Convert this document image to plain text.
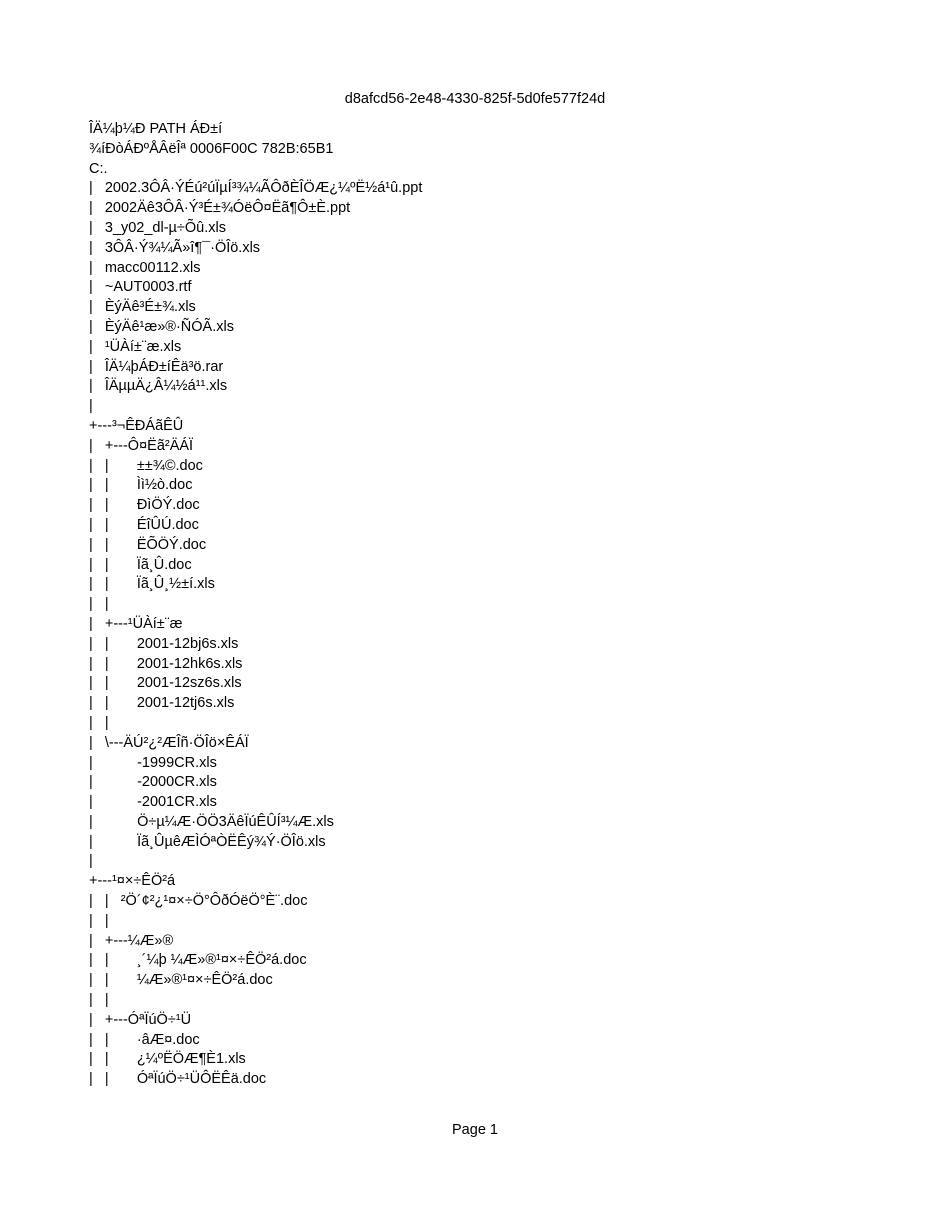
d8afcd56-2e48-4330-825f-5d0fe577f24d
ÎÄ¼þ¼Ð PATH ÁÐ±í
¾íÐòÁÐºÅÂëÎª 0006F00C 782B:65B1
C:.
|   2002.3ÔÂ·ÝÉú²úÏµÍ³¾¼ÃÔðÈÎÖÆ¿¼ºË½á¹û.ppt
|   2002Äê3ÔÂ·Ý³É±¾ÓëÔ¤Ëã¶Ô±È.ppt
|   3_y02_dl-µ÷Õû.xls
|   3ÔÂ·Ý¾¼Ã»î¶¯·ÖÎö.xls
|   macc00112.xls
|   ~AUT0003.rtf
|   ÈýÄê³É±¾.xls
|   ÈýÄê¹æ»®·ÑÓÃ.xls
|   ¹ÜÀí±¨æ.xls
|   ÎÄ¼þÁÐ±íÊä³ö.rar
|   ÎÄµµÄ¿Â¼½á¹¹.xls
|
+---³¬ÊÐÁãÊÛ
|   +---Ô¤Ëã²ÄÁÏ
|   |       ±±¾©.doc
|   |       Ìì½ò.doc
|   |       ÐìÖÝ.doc
|   |       ÉîÛÚ.doc
|   |       ËÕÖÝ.doc
|   |       Ïã¸Û.doc
|   |       Ïã¸Û¸½±í.xls
|   |
|   +---¹ÜÀí±¨æ
|   |       2001-12bj6s.xls
|   |       2001-12hk6s.xls
|   |       2001-12sz6s.xls
|   |       2001-12tj6s.xls
|   |
|   \---ÄÚ²¿²ÆÎñ·ÖÎö×ÊÁÏ
|           -1999CR.xls
|           -2000CR.xls
|           -2001CR.xls
|           Ö÷µ¼Æ·ÖÖ3ÄêÏúÊÛÍ³¼Æ.xls
|           Ïã¸ÛµêÆÌÓªÒËÊý¾Ý·ÖÎö.xls
|
+---¹¤×÷ÊÖ²á
|   |   ²Ö´¢²¿¹¤×÷Ö°ÔðÓëÖ°È¨.doc
|   |
|   +---¼Æ»®
|   |       ¸´¼þ ¼Æ»®¹¤×÷ÊÖ²á.doc
|   |       ¼Æ»®¹¤×÷ÊÖ²á.doc
|   |
|   +---ÓªÏúÖ÷¹Ü
|   |       ·âÆ¤.doc
|   |       ¿¼ºËÖÆ¶È1.xls
|   |       ÓªÏúÖ÷¹ÜÔËÊä.doc
Page 1
